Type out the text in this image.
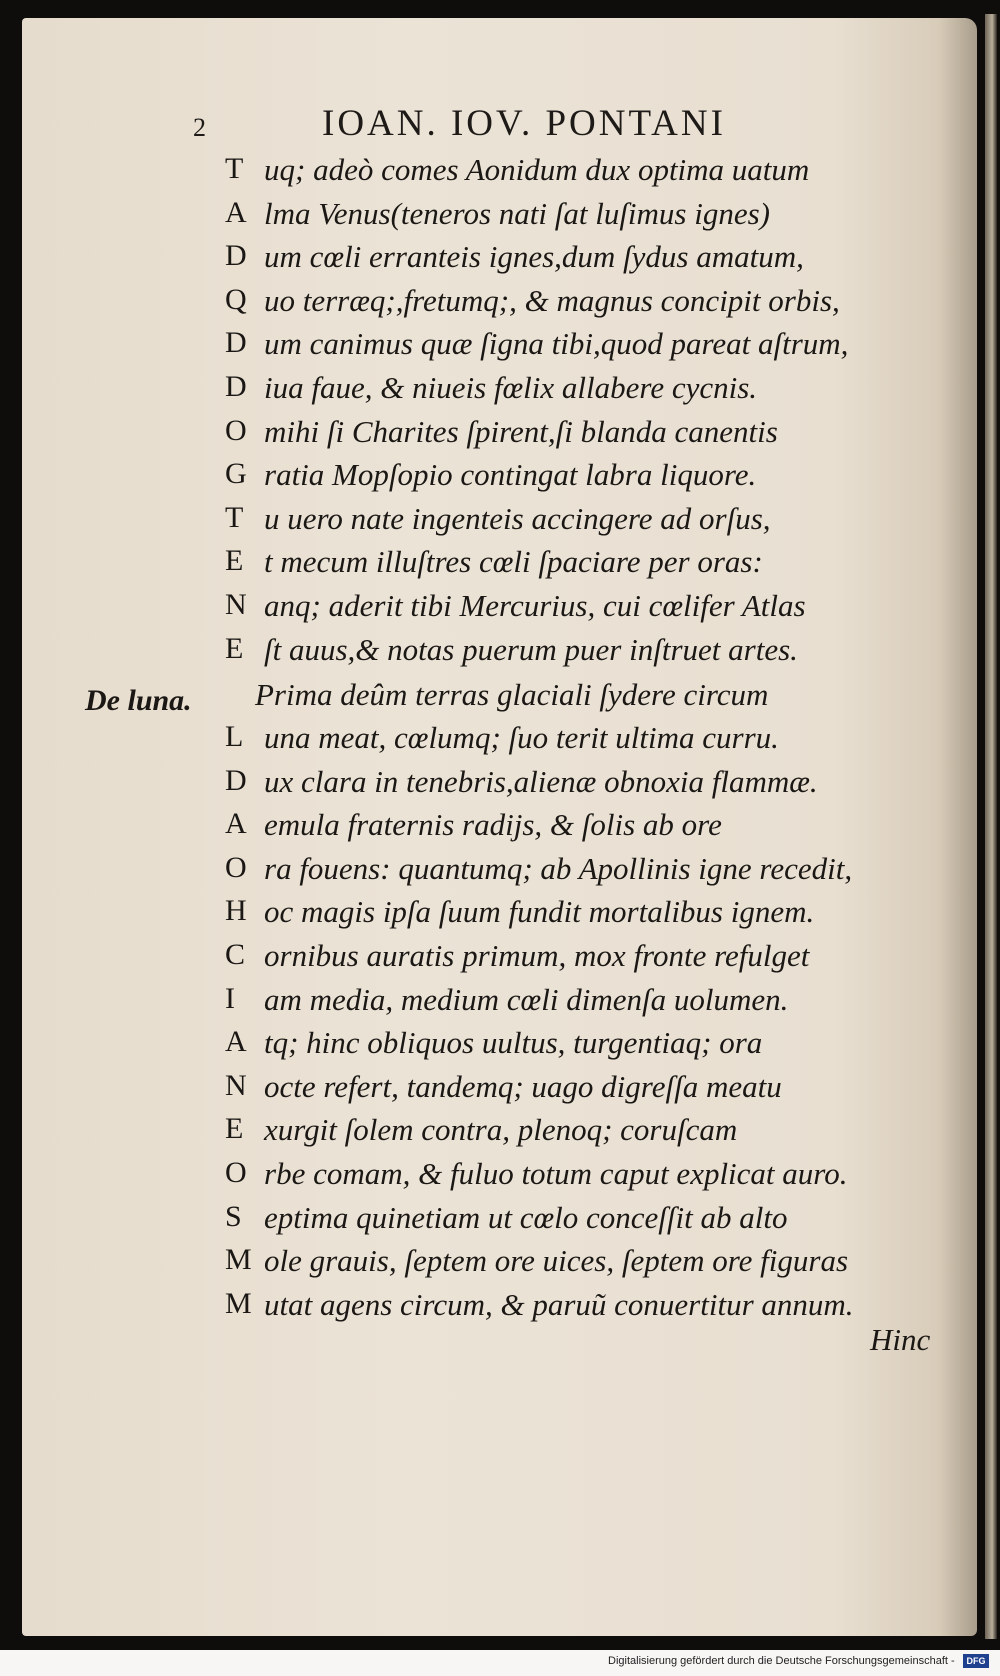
2	IOAN. IOV. PONTANI
T uq; adeò comes Aonidum dux optima uatum
A lma Venus(teneros nati ſat luſimus ignes)
D um cœli erranteis ignes,dum ſydus amatum,
Q uo terræq;,fretumq;, & magnus concipit orbis,
D um canimus quæ ſigna tibi,quod pareat aſtrum,
D iua faue, & niueis fœlix allabere cycnis.
O mihi ſi Charites ſpirent,ſi blanda canentis
G ratia Mopſopio contingat labra liquore.
T u uero nate ingenteis accingere ad orſus,
E t mecum illuſtres cœli ſpaciare per oras:
N anq; aderit tibi Mercurius, cui cœlifer Atlas
E ſt auus,& notas puerum puer inſtruet artes.
De luna. Prima deûm terras glaciali ſydere circum
L una meat, cœlumq; ſuo terit ultima curru.
D ux clara in tenebris,alienæ obnoxia flammæ.
A emula fraternis radijs, & ſolis ab ore
O ra fouens: quantumq; ab Apollinis igne recedit,
H oc magis ipſa ſuum fundit mortalibus ignem.
C ornibus auratis primum, mox fronte refulget
I am media, medium cœli dimenſa uolumen.
A tq; hinc obliquos uultus, turgentiaq; ora
N octe refert, tandemq; uago digreſſa meatu
E xurgit ſolem contra, plenoq; coruſcam
O rbe comam, & fuluo totum caput explicat auro.
S eptima quinetiam ut cœlo conceſſit ab alto
M ole grauis, ſeptem ore uices, ſeptem ore figuras
M utat agens circum, & paruũ conuertitur annum.
Hinc
Digitalisierung gefördert durch die Deutsche Forschungsgemeinschaft -	DFG
